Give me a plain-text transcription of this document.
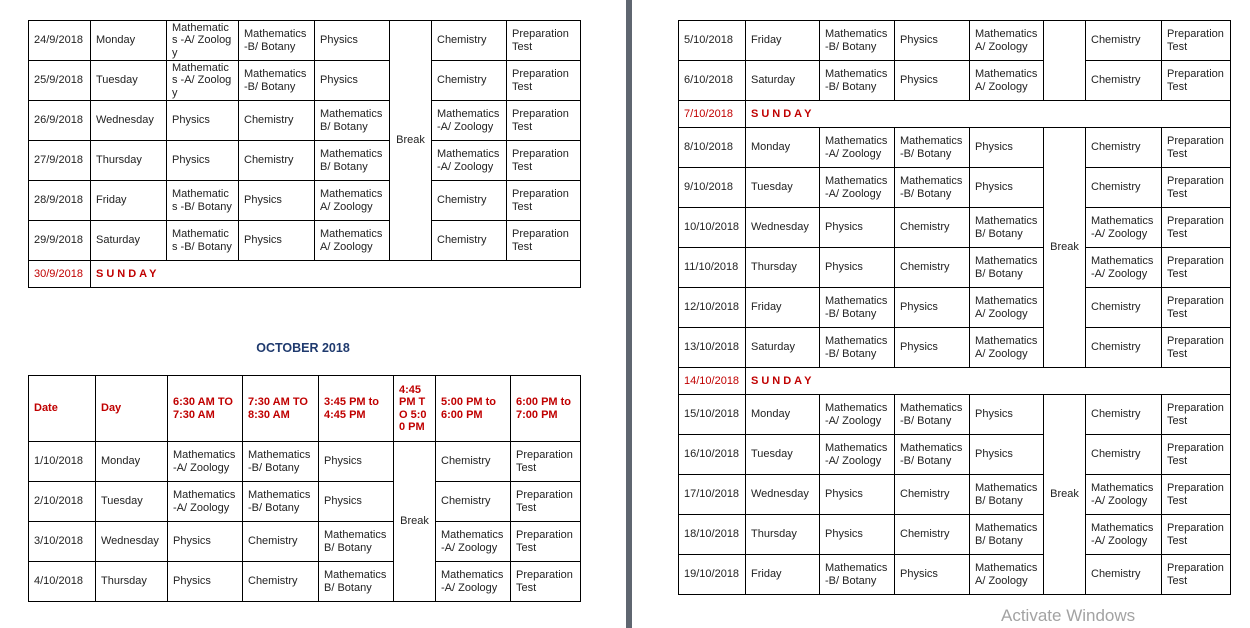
24/9/2018	Monday	Mathematics -A/ Zoology	Mathematics -B/ Botany	Physics	Break	Chemistry	Preparation Test
25/9/2018	Tuesday	Mathematics -A/ Zoology	Mathematics -B/ Botany	Physics		Chemistry	Preparation Test
26/9/2018	Wednesday	Physics	Chemistry	Mathematics B/ Botany		Mathematics -A/ Zoology	Preparation Test
27/9/2018	Thursday	Physics	Chemistry	Mathematics B/ Botany		Mathematics -A/ Zoology	Preparation Test
28/9/2018	Friday	Mathematics -B/ Botany	Physics	Mathematics A/ Zoology		Chemistry	Preparation Test
29/9/2018	Saturday	Mathematics -B/ Botany	Physics	Mathematics A/ Zoology		Chemistry	Preparation Test
30/9/2018	SUNDAY						
OCTOBER 2018
Date	Day	6:30 AM TO 7:30 AM	7:30 AM TO 8:30 AM	3:45 PM to 4:45 PM	4:45 PM TO 5:00 PM	5:00 PM to 6:00 PM	6:00 PM to 7:00 PM
1/10/2018	Monday	Mathematics -A/ Zoology	Mathematics -B/ Botany	Physics	Break	Chemistry	Preparation Test
2/10/2018	Tuesday	Mathematics -A/ Zoology	Mathematics -B/ Botany	Physics		Chemistry	Preparation Test
3/10/2018	Wednesday	Physics	Chemistry	Mathematics B/ Botany		Mathematics -A/ Zoology	Preparation Test
4/10/2018	Thursday	Physics	Chemistry	Mathematics B/ Botany		Mathematics -A/ Zoology	Preparation Test
5/10/2018	Friday	Mathematics -B/ Botany	Physics	Mathematics A/ Zoology		Chemistry	Preparation Test
6/10/2018	Saturday	Mathematics -B/ Botany	Physics	Mathematics A/ Zoology		Chemistry	Preparation Test
7/10/2018	SUNDAY						
8/10/2018	Monday	Mathematics -A/ Zoology	Mathematics -B/ Botany	Physics	Break	Chemistry	Preparation Test
9/10/2018	Tuesday	Mathematics -A/ Zoology	Mathematics -B/ Botany	Physics		Chemistry	Preparation Test
10/10/2018	Wednesday	Physics	Chemistry	Mathematics B/ Botany		Mathematics -A/ Zoology	Preparation Test
11/10/2018	Thursday	Physics	Chemistry	Mathematics B/ Botany		Mathematics -A/ Zoology	Preparation Test
12/10/2018	Friday	Mathematics -B/ Botany	Physics	Mathematics A/ Zoology		Chemistry	Preparation Test
13/10/2018	Saturday	Mathematics -B/ Botany	Physics	Mathematics A/ Zoology		Chemistry	Preparation Test
14/10/2018	SUNDAY						
15/10/2018	Monday	Mathematics -A/ Zoology	Mathematics -B/ Botany	Physics	Break	Chemistry	Preparation Test
16/10/2018	Tuesday	Mathematics -A/ Zoology	Mathematics -B/ Botany	Physics		Chemistry	Preparation Test
17/10/2018	Wednesday	Physics	Chemistry	Mathematics B/ Botany		Mathematics -A/ Zoology	Preparation Test
18/10/2018	Thursday	Physics	Chemistry	Mathematics B/ Botany		Mathematics -A/ Zoology	Preparation Test
19/10/2018	Friday	Mathematics -B/ Botany	Physics	Mathematics A/ Zoology		Chemistry	Preparation Test
Activate Windows
